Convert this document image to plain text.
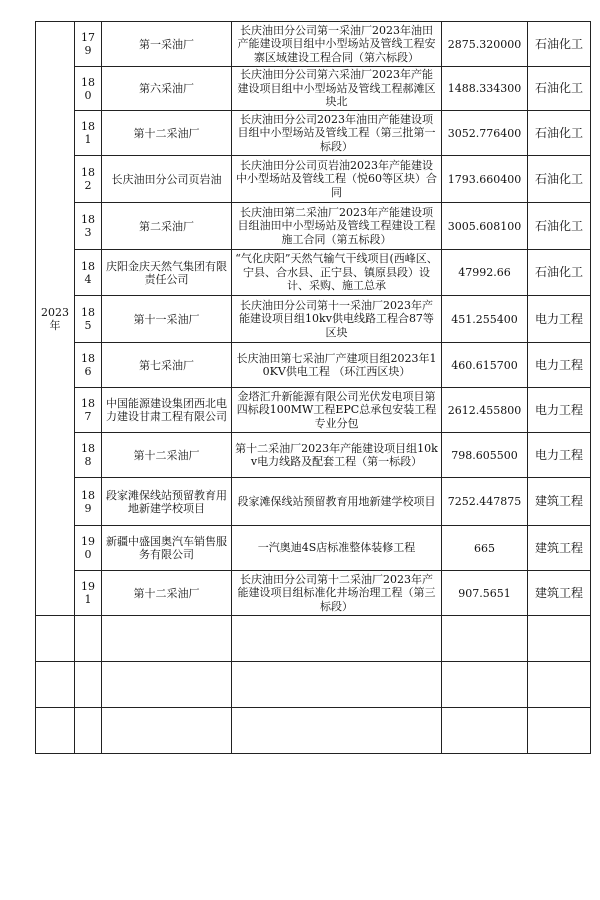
2023年	179	第一采油厂	长庆油田分公司第一采油厂2023年油田产能建设项目组中小型场站及管线工程安寨区域建设工程合同（第六标段）	2875.320000	石油化工
	180	第六采油厂	长庆油田分公司第六采油厂2023年产能建设项目组中小型场站及管线工程郝滩区块北	1488.334300	石油化工
	181	第十二采油厂	长庆油田分公司2023年油田产能建设项目组中小型场站及管线工程（第三批第一标段）	3052.776400	石油化工
	182	长庆油田分公司页岩油	长庆油田分公司页岩油2023年产能建设中小型场站及管线工程（悦60等区块）合同	1793.660400	石油化工
	183	第二采油厂	长庆油田第二采油厂2023年产能建设项目组油田中小型场站及管线工程建设工程施工合同（第五标段）	3005.608100	石油化工
	184	庆阳金庆天然气集团有限责任公司	“气化庆阳”天然气输气干线项目(西峰区、宁县、合水县、正宁县、镇原县段）设计、采购、施工总承	47992.66	石油化工
	185	第十一采油厂	长庆油田分公司第十一采油厂2023年产能建设项目组10kv供电线路工程合87等区块	451.255400	电力工程
	186	第七采油厂	长庆油田第七采油厂产建项目组2023年10KV供电工程 （环江西区块）	460.615700	电力工程
	187	中国能源建设集团西北电力建设甘肃工程有限公司	金塔汇升新能源有限公司光伏发电项目第四标段100MW工程EPC总承包安装工程专业分包	2612.455800	电力工程
	188	第十二采油厂	第十二采油厂2023年产能建设项目组10kv电力线路及配套工程（第一标段）	798.605500	电力工程
	189	段家滩保线站预留教育用地新建学校项目	段家滩保线站预留教育用地新建学校项目	7252.447875	建筑工程
	190	新疆中盛国奥汽车销售服务有限公司	一汽奥迪4S店标准整体装修工程	665	建筑工程
	191	第十二采油厂	长庆油田分公司第十二采油厂2023年产能建设项目组标准化井场治理工程（第三标段）	907.5651	建筑工程
